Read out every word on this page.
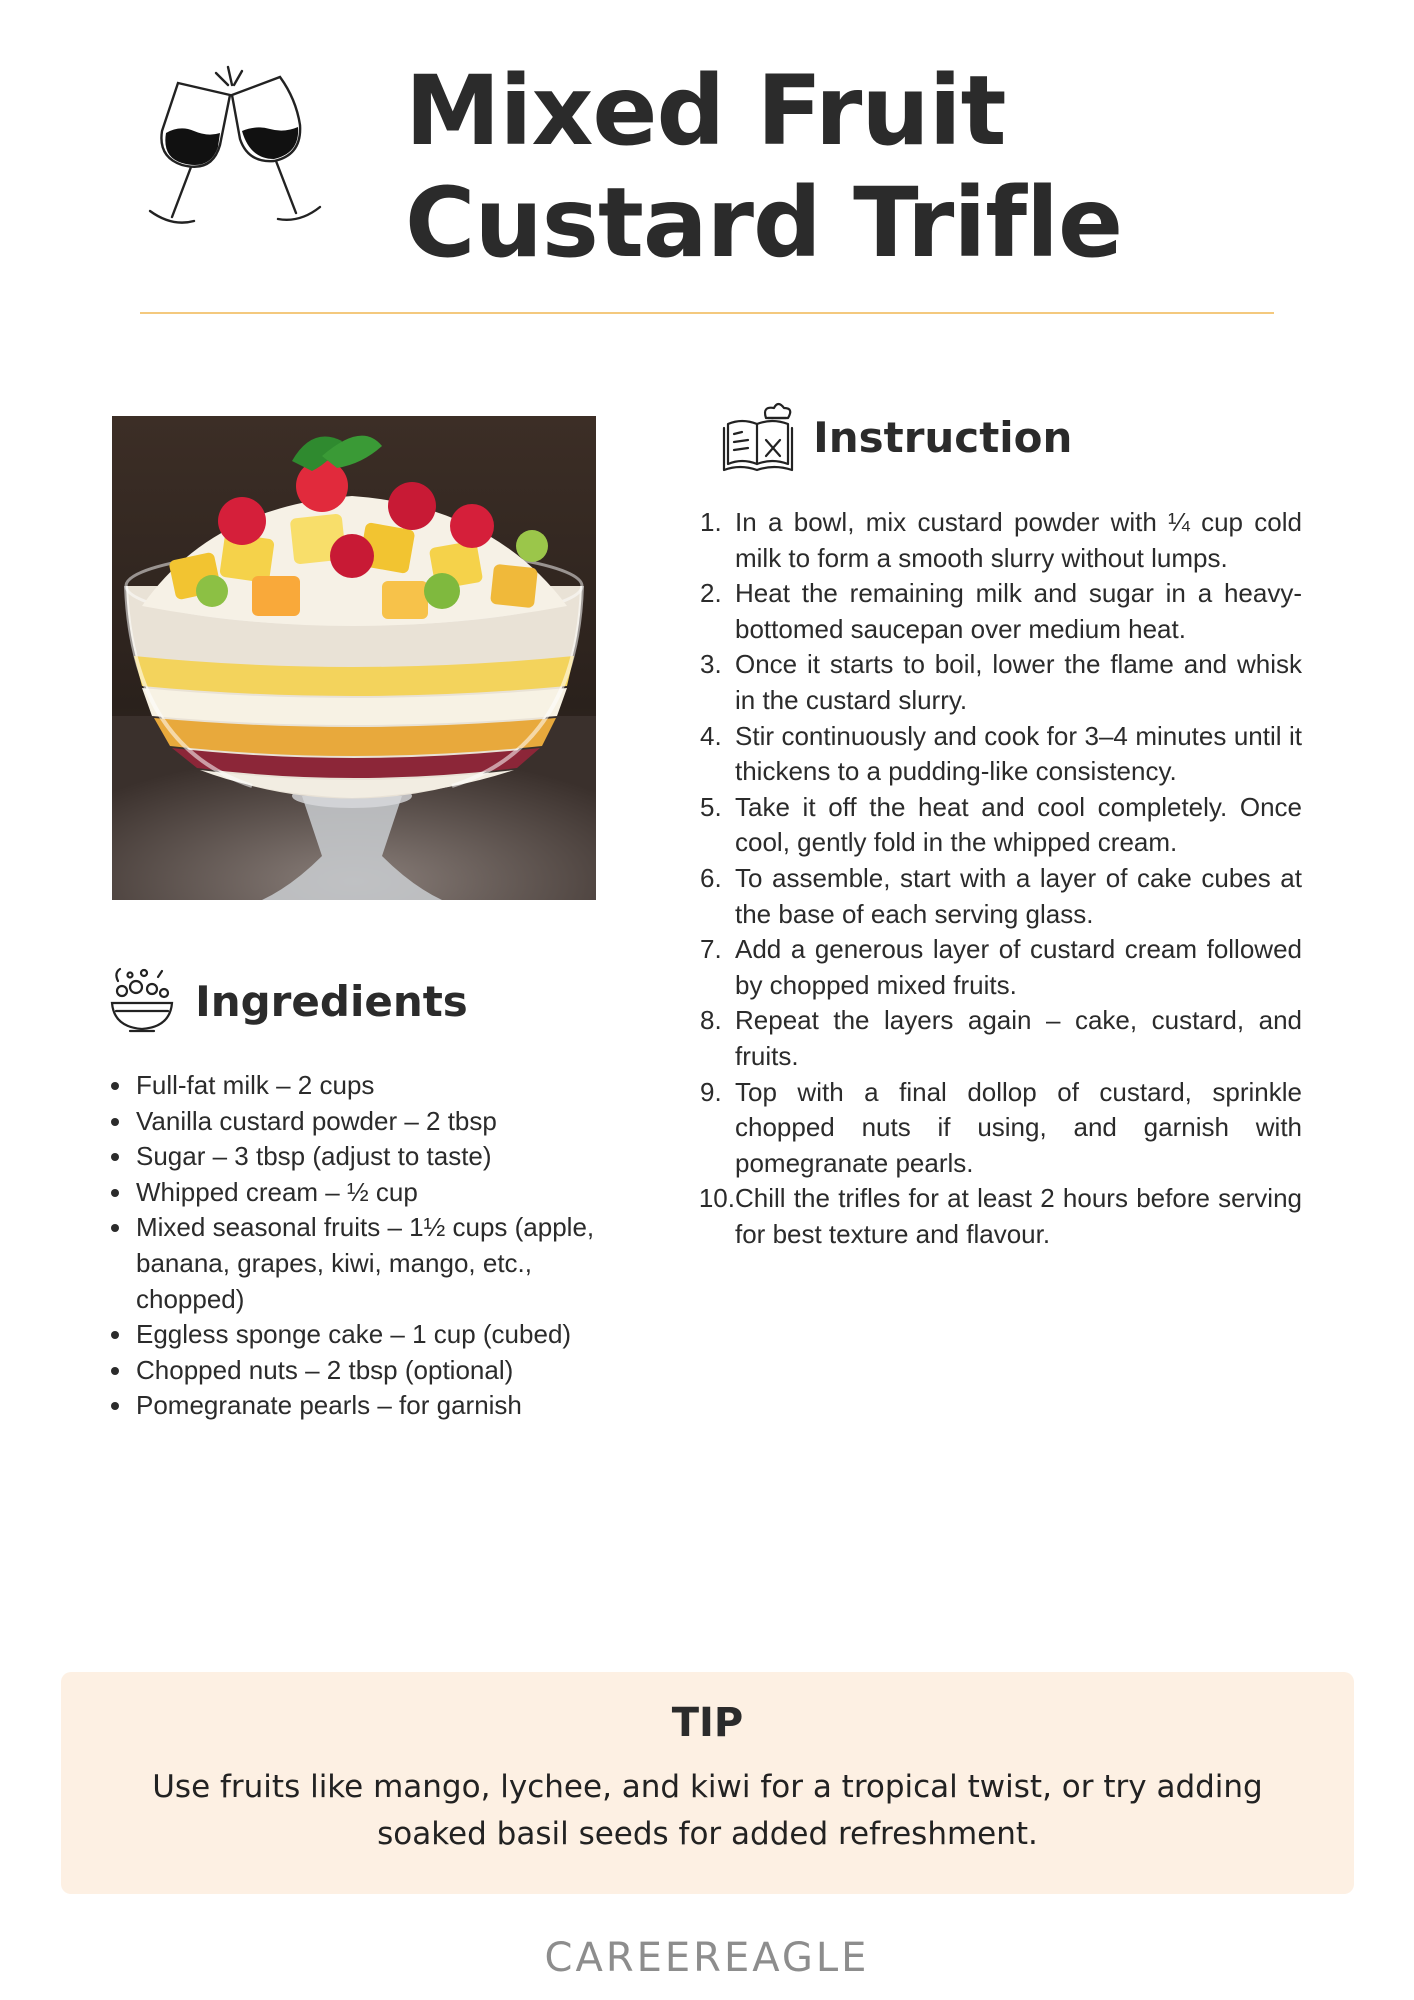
Mixed Fruit
Custard Trifle
Ingredients
• Full-fat milk – 2 cups
• Vanilla custard powder – 2 tbsp
• Sugar – 3 tbsp (adjust to taste)
• Whipped cream – ½ cup
• Mixed seasonal fruits – 1½ cups (apple, banana, grapes, kiwi, mango, etc., chopped)
• Eggless sponge cake – 1 cup (cubed)
• Chopped nuts – 2 tbsp (optional)
• Pomegranate pearls – for garnish
Instruction
1. In a bowl, mix custard powder with ¼ cup cold milk to form a smooth slurry without lumps.
2. Heat the remaining milk and sugar in a heavy-bottomed saucepan over medium heat.
3. Once it starts to boil, lower the flame and whisk in the custard slurry.
4. Stir continuously and cook for 3–4 minutes until it thickens to a pudding-like consistency.
5. Take it off the heat and cool completely. Once cool, gently fold in the whipped cream.
6. To assemble, start with a layer of cake cubes at the base of each serving glass.
7. Add a generous layer of custard cream followed by chopped mixed fruits.
8. Repeat the layers again – cake, custard, and fruits.
9. Top with a final dollop of custard, sprinkle chopped nuts if using, and garnish with pomegranate pearls.
10. Chill the trifles for at least 2 hours before serving for best texture and flavour.
TIP
Use fruits like mango, lychee, and kiwi for a tropical twist, or try adding soaked basil seeds for added refreshment.
CAREEREAGLE
